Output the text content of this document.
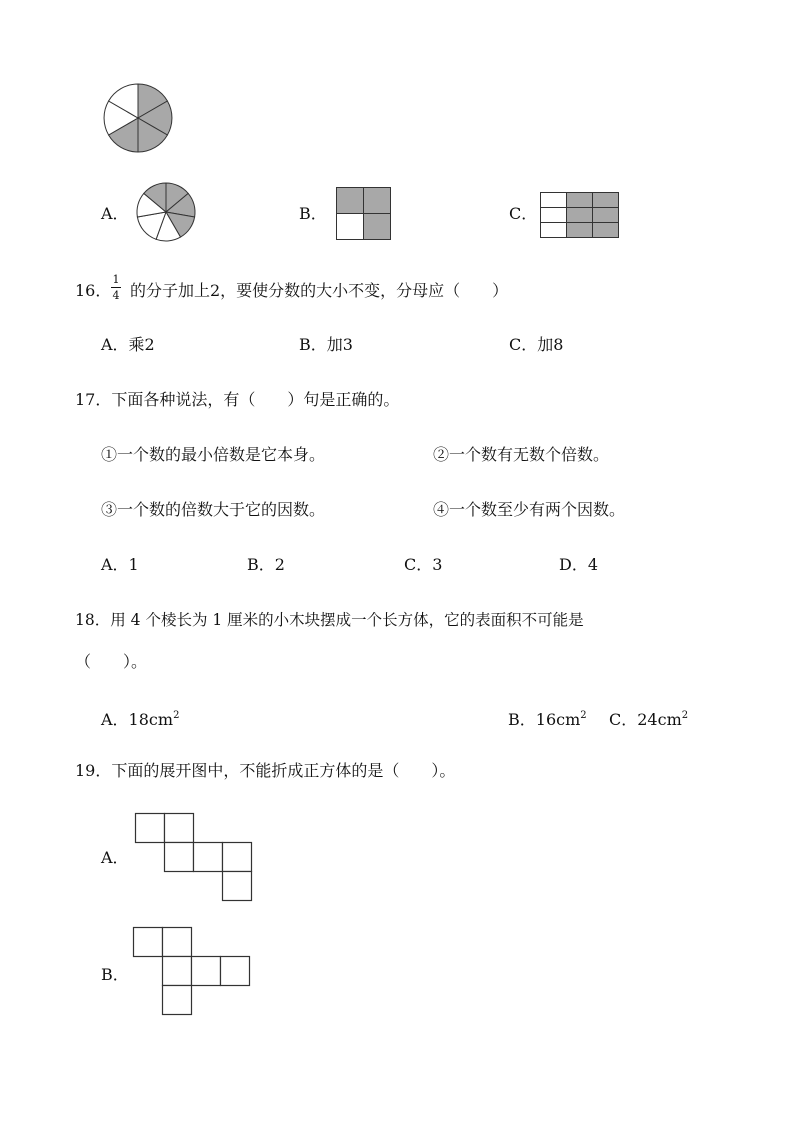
A．	B．	C．
16．
1
4 的分子加上2，要使分数的大小不变，分母应（　　）
A．乘2	B．加3	C．加8
17．下面各种说法，有（　　）句是正确的。
①一个数的最小倍数是它本身。	②一个数有无数个倍数。
③一个数的倍数大于它的因数。	④一个数至少有两个因数。
A．1	B．2	C．3	D．4
18．用 4 个棱长为 1 厘米的小木块摆成一个长方体，它的表面积不可能是
（　　）。
A．$18cm^2$	B．$16cm^2$ C．$24cm^2$
19．下面的展开图中，不能折成正方体的是（　　）。
A．
B．
